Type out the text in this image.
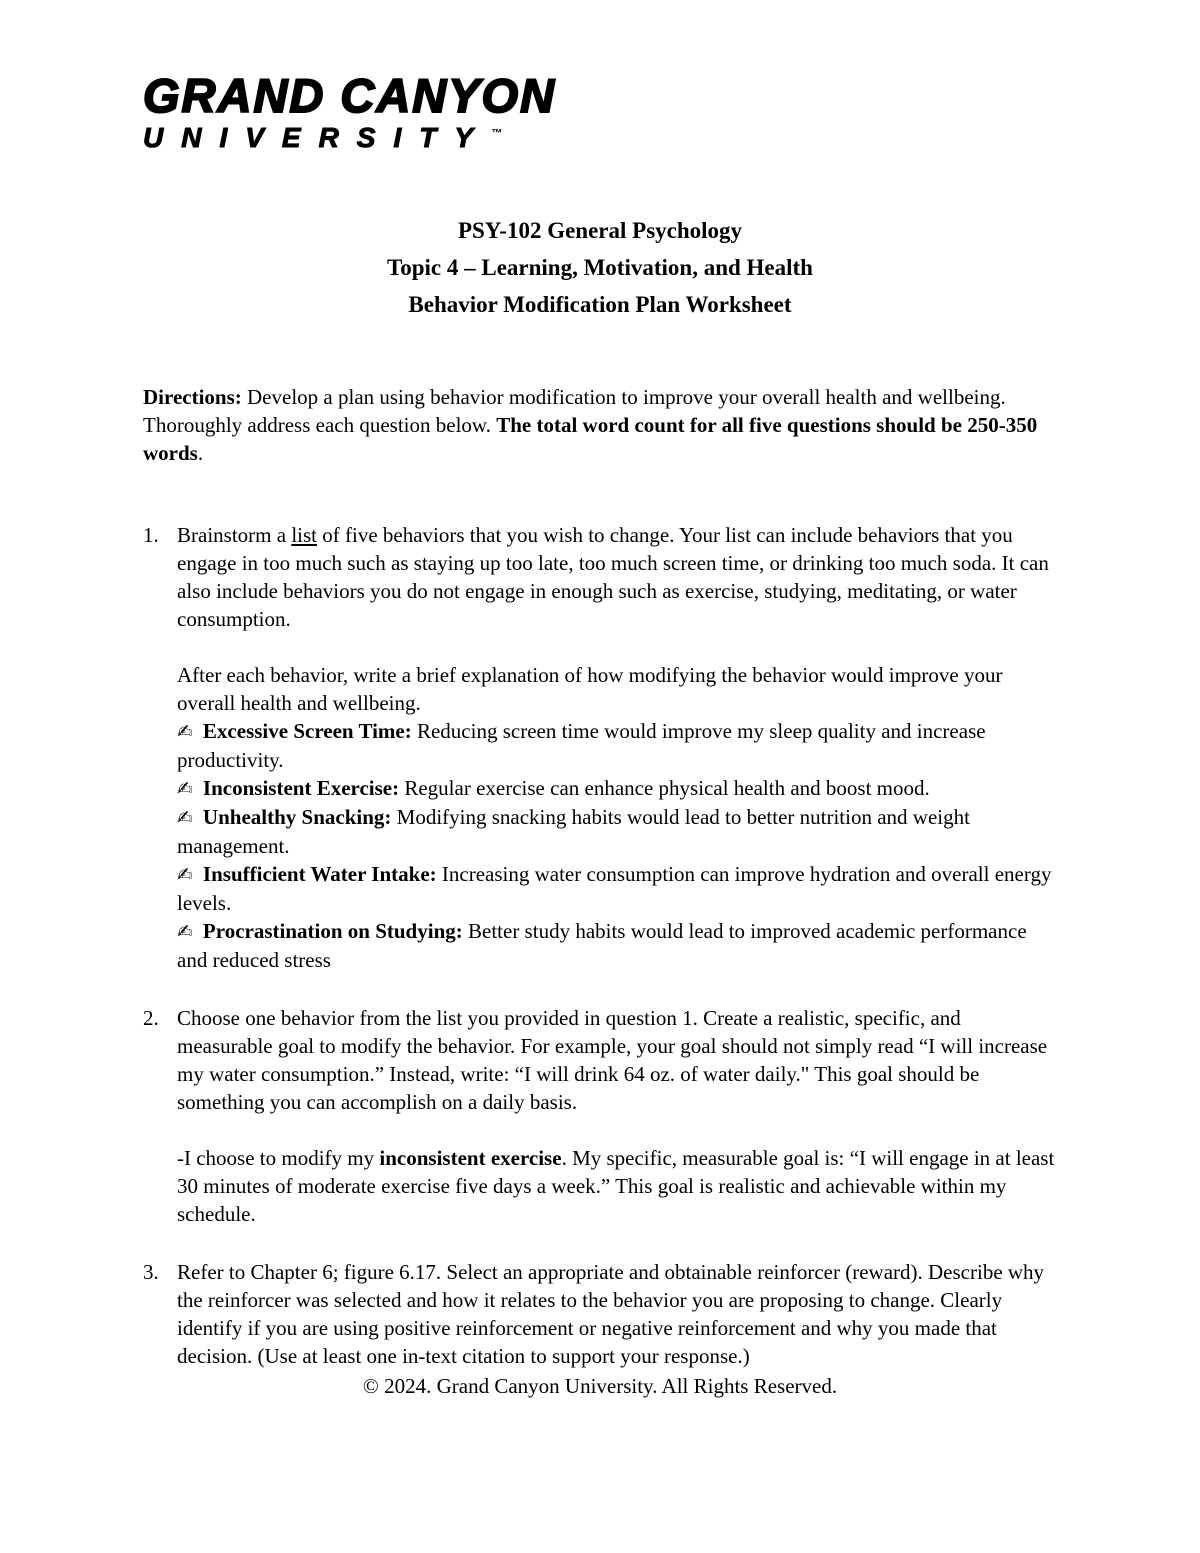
GRAND CANYON
UNIVERSITY™
PSY-102 General Psychology
Topic 4 – Learning, Motivation, and Health
Behavior Modification Plan Worksheet

Directions: Develop a plan using behavior modification to improve your overall health and wellbeing. Thoroughly address each question below. The total word count for all five questions should be 250-350 words.

1. Brainstorm a list of five behaviors that you wish to change. Your list can include behaviors that you engage in too much such as staying up too late, too much screen time, or drinking too much soda. It can also include behaviors you do not engage in enough such as exercise, studying, meditating, or water consumption.

After each behavior, write a brief explanation of how modifying the behavior would improve your overall health and wellbeing.

✍ Excessive Screen Time: Reducing screen time would improve my sleep quality and increase productivity.

✍ Inconsistent Exercise: Regular exercise can enhance physical health and boost mood.

✍ Unhealthy Snacking: Modifying snacking habits would lead to better nutrition and weight management.

✍ Insufficient Water Intake: Increasing water consumption can improve hydration and overall energy levels.

✍ Procrastination on Studying: Better study habits would lead to improved academic performance and reduced stress

2. Choose one behavior from the list you provided in question 1. Create a realistic, specific, and measurable goal to modify the behavior. For example, your goal should not simply read “I will increase my water consumption.” Instead, write: “I will drink 64 oz. of water daily." This goal should be something you can accomplish on a daily basis.

-I choose to modify my inconsistent exercise. My specific, measurable goal is: “I will engage in at least 30 minutes of moderate exercise five days a week.” This goal is realistic and achievable within my schedule.

3. Refer to Chapter 6; figure 6.17. Select an appropriate and obtainable reinforcer (reward). Describe why the reinforcer was selected and how it relates to the behavior you are proposing to change. Clearly identify if you are using positive reinforcement or negative reinforcement and why you made that decision. (Use at least one in-text citation to support your response.)

© 2024. Grand Canyon University. All Rights Reserved.
